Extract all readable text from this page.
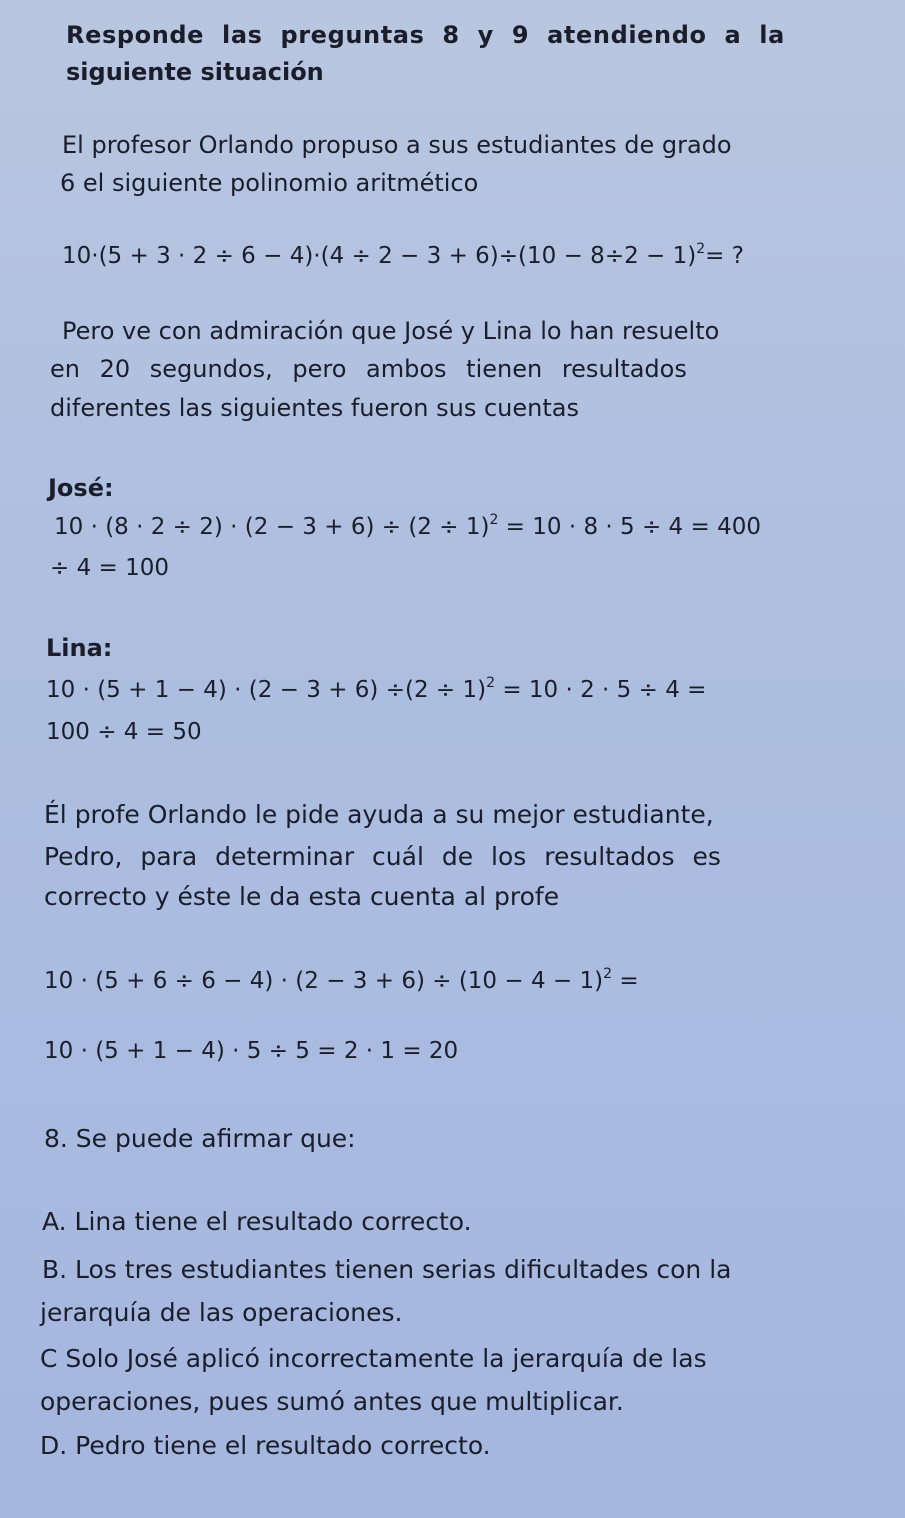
Responde las preguntas 8 y 9 atendiendo a la
siguiente situación
El profesor Orlando propuso a sus estudiantes de grado
6 el siguiente polinomio aritmético
$10\cdot(5 + 3 \cdot 2 \div 6 - 4)\cdot(4 \div 2 - 3 + 6)\div(10 - 8\div 2 - 1)^2=$ ?
Pero ve con admiración que José y Lina lo han resuelto
en 20 segundos, pero ambos tienen resultados
diferentes las siguientes fueron sus cuentas
José:
$10 \cdot (8 \cdot 2 \div 2) \cdot (2 - 3 + 6) \div (2 \div 1)^2 = 10 \cdot 8 \cdot 5 \div 4 = 400$
÷ 4 = 100
Lina:
$10 \cdot (5 + 1 - 4) \cdot (2 - 3 + 6) \div(2 \div 1)^2 = 10 \cdot 2 \cdot 5 \div 4$ =
100 ÷ 4 = 50
Él profe Orlando le pide ayuda a su mejor estudiante,
Pedro, para determinar cuál de los resultados es
correcto y éste le da esta cuenta al profe
$10 \cdot (5 + 6 \div 6 - 4) \cdot (2 - 3 + 6) \div (10 - 4 - 1)^2$ =
10 · (5 + 1 − 4) · 5 ÷ 5 = 2 · 1 = 20
8. Se puede afirmar que:
A. Lina tiene el resultado correcto.
B. Los tres estudiantes tienen serias dificultades con la
jerarquía de las operaciones.
C Solo José aplicó incorrectamente la jerarquía de las
operaciones, pues sumó antes que multiplicar.
D. Pedro tiene el resultado correcto.
